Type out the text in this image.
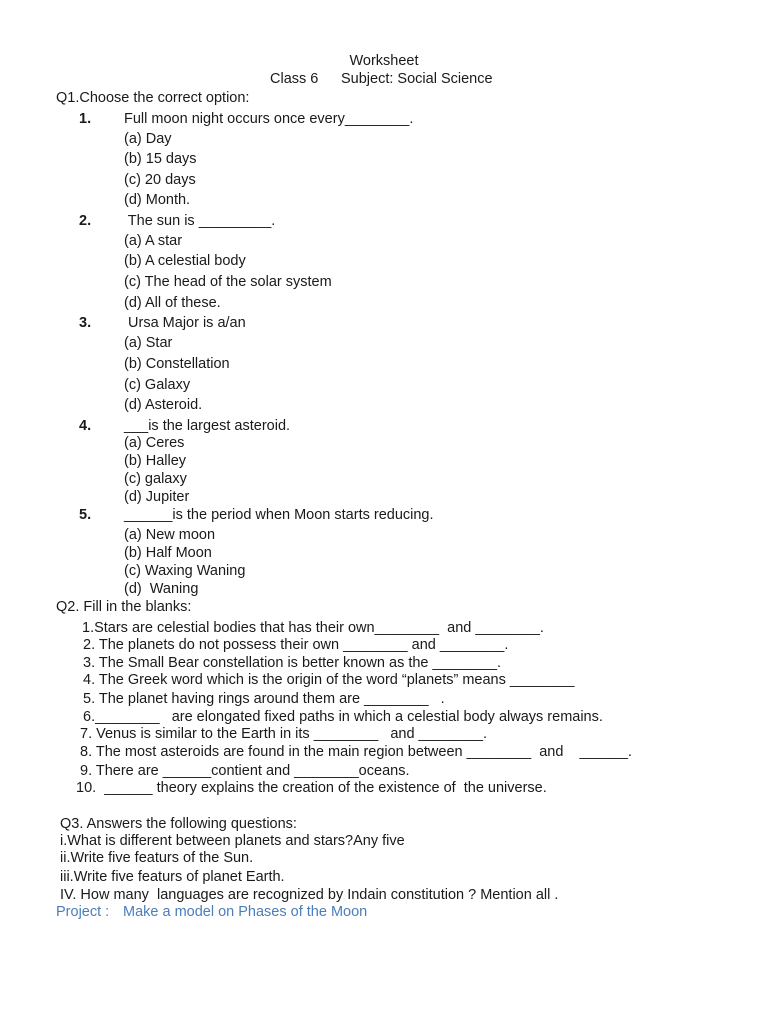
Worksheet
Class 6 Subject: Social Science
Q1.Choose the correct option:
1. Full moon night occurs once every________.
(a) Day
(b) 15 days
(c) 20 days
(d) Month.
2. The sun is _________.
(a) A star
(b) A celestial body
(c) The head of the solar system
(d) All of these.
3. Ursa Major is a/an
(a) Star
(b) Constellation
(c) Galaxy
(d) Asteroid.
4. ___is the largest asteroid.
(a) Ceres
(b) Halley
(c) galaxy
(d) Jupiter
5. ______is the period when Moon starts reducing.
(a) New moon
(b) Half Moon
(c) Waxing Waning
(d)  Waning
Q2. Fill in the blanks:
1.Stars are celestial bodies that has their own________  and ________.
2. The planets do not possess their own ________ and ________.
3. The Small Bear constellation is better known as the ________.
4. The Greek word which is the origin of the word “planets” means ________
5. The planet having rings around them are ________   .
6.________   are elongated fixed paths in which a celestial body always remains.
7. Venus is similar to the Earth in its ________   and ________.
8. The most asteroids are found in the main region between ________  and    ______.
9. There are ______contient and ________oceans.
10.  ______ theory explains the creation of the existence of  the universe.
Q3. Answers the following questions:
i.What is different between planets and stars?Any five
ii.Write five featurs of the Sun.
iii.Write five featurs of planet Earth.
IV. How many  languages are recognized by Indain constitution ? Mention all .
Project : Make a model on Phases of the Moon
